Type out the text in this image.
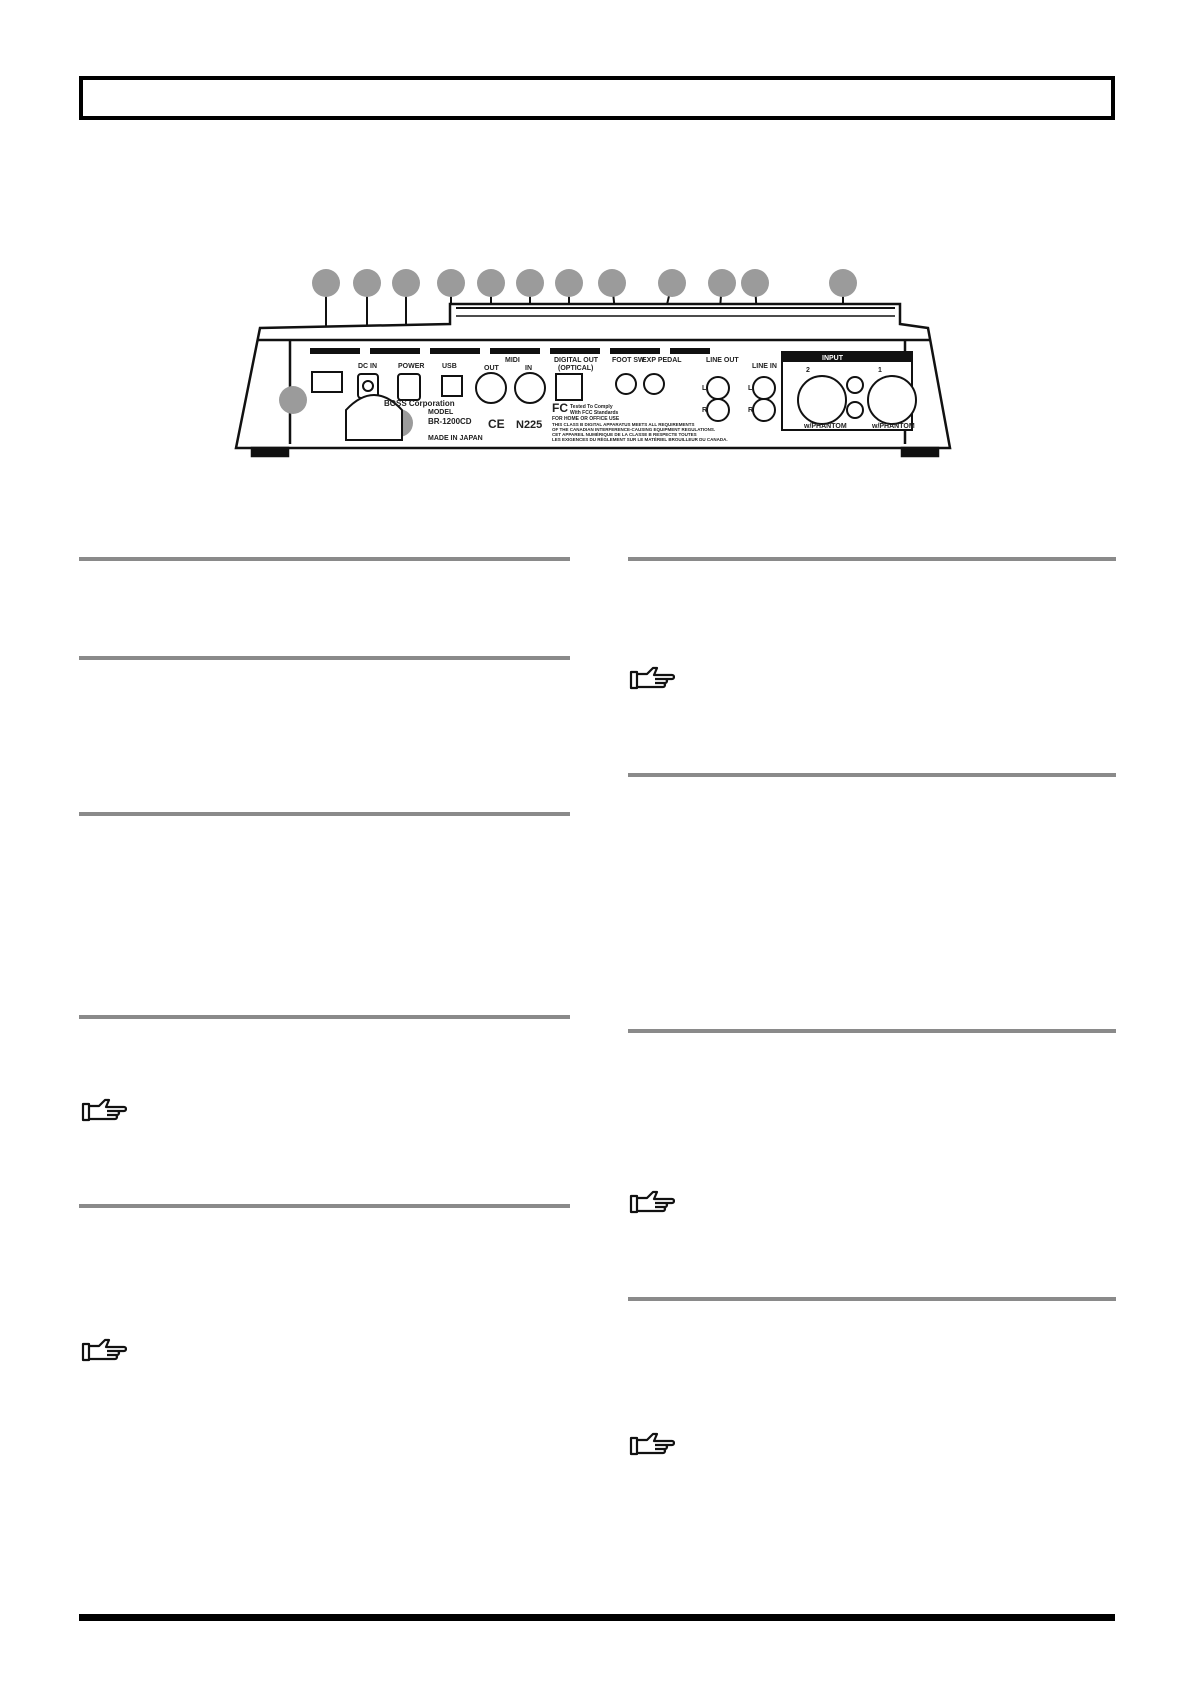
INPUT
2	1
w/PHANTOM	w/PHANTOM
LINE OUT
LINE IN
FOOT SW
EXP PEDAL
DIGITAL OUT
(OPTICAL)
MIDI
OUT	IN
USB
POWER
DC IN
BOSS Corporation
MODEL
BR-1200CD
MADE IN JAPAN
CE N225
FC Tested To Comply
With FCC Standards
FOR HOME OR OFFICE USE
THIS CLASS B DIGITAL APPARATUS MEETS ALL REQUIREMENTS
OF THE CANADIAN INTERFERENCE-CAUSING EQUIPMENT REGULATIONS.
CET APPAREIL NUMÉRIQUE DE LA CLASSE B RESPECTE TOUTES
LES EXIGENCES DU RÈGLEMENT SUR LE MATÉRIEL BROUILLEUR DU CANADA.
L
R
L
R
